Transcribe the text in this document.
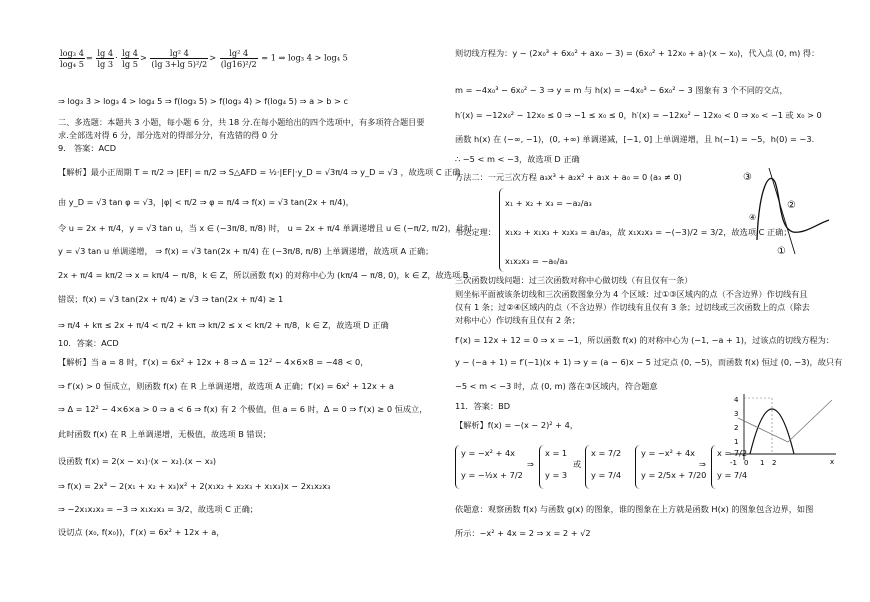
$\frac{\text{log₃ 4}}{\text{log₄ 5}} = \frac{\lg 4}{\lg 3} \cdot \frac{\lg 4}{\lg 5} > \frac{\text{lg² 4}}{\text{(lg 3+lg 5)²/2}} > \frac{\text{lg² 4}}{\text{(lg16)²/2}} = 1$ ⇒ log₃ 4 > log₄ 5
⇒ log₃ 3 > log₃ 4 > log₄ 5 ⇒ f(log₃ 5) > f(log₃ 4) > f(log₄ 5) ⇒ a > b > c
二、多选题：本题共 3 小题，每小题 6 分，共 18 分.在每小题给出的四个选项中，有多项符合题目要
求.全部选对得 6 分，部分选对的得部分分，有选错的得 0 分
9． 答案：ACD
【解析】最小正周期 T = π/2 ⇒ |EF| = π/2 ⇒ S△AFD = ½·|EF|·y_D = √3π/4 ⇒ y_D = √3 ，故选项 C 正确
由 y_D = √3 tan φ = √3，|φ| < π/2 ⇒ φ = π/4 ⇒ f(x) = √3 tan(2x + π/4)，
令 u = 2x + π/4，y = √3 tan u，当 x ∈ (−3π/8, π/8) 时， u = 2x + π/4 单调递增且 u ∈ (−π/2, π/2)，此时
y = √3 tan u 单调递增， ⇒ f(x) = √3 tan(2x + π/4) 在 (−3π/8, π/8) 上单调递增，故选项 A 正确；
2x + π/4 = kπ/2 ⇒ x = kπ/4 − π/8，k ∈ Z，所以函数 f(x) 的对称中心为 (kπ/4 − π/8, 0)，k ∈ Z，故选项 B
错误；f(x) = √3 tan(2x + π/4) ≥ √3 ⇒ tan(2x + π/4) ≥ 1
⇒ π/4 + kπ ≤ 2x + π/4 < π/2 + kπ ⇒ kπ/2 ≤ x < kπ/2 + π/8，k ∈ Z，故选项 D 正确
10．答案：ACD
【解析】当 a = 8 时，f′(x) = 6x² + 12x + 8 ⇒ Δ = 12² − 4×6×8 = −48 < 0，
⇒ f′(x) > 0 恒成立，则函数 f(x) 在 R 上单调递增，故选项 A 正确；f′(x) = 6x² + 12x + a
⇒ Δ = 12² − 4×6×a > 0 ⇒ a < 6 ⇒ f(x) 有 2 个极值，但 a = 6 时，Δ = 0 ⇒ f′(x) ≥ 0 恒成立，
此时函数 f(x) 在 R 上单调递增，无极值，故选项 B 错误；
设函数 f(x) = 2(x − x₁)·(x − x₂).(x − x₃)
⇒ f(x) = 2x³ − 2(x₁ + x₂ + x₃)x² + 2(x₁x₂ + x₂x₃ + x₁x₃)x − 2x₁x₂x₃
⇒ −2x₁x₂x₃ = −3 ⇒ x₁x₂x₃ = 3/2，故选项 C 正确；
设切点 (x₀, f(x₀))，f′(x) = 6x² + 12x + a，
则切线方程为：y − (2x₀³ + 6x₀² + ax₀ − 3) = (6x₀² + 12x₀ + a)·(x − x₀)，代入点 (0, m) 得：
m = −4x₀³ − 6x₀² − 3 ⇒ y = m 与 h(x) = −4x₀³ − 6x₀² − 3 图象有 3 个不同的交点，
h′(x) = −12x₀² − 12x₀ ≤ 0 ⇒ −1 ≤ x₀ ≤ 0，h′(x) = −12x₀² − 12x₀ < 0 ⇒ x₀ < −1 或 x₀ > 0
函数 h(x) 在 (−∞, −1)，(0, +∞) 单调递减，[−1, 0] 上单调递增，且 h(−1) = −5，h(0) = −3.
∴ −5 < m < −3，故选项 D 正确
方法二：一元三次方程 a₃x³ + a₂x² + a₁x + a₀ = 0 (a₃ ≠ 0)
韦达定理：
x₁ + x₂ + x₃ = −a₂/a₃
x₁x₂ + x₁x₃ + x₂x₃ = a₁/a₃，故 x₁x₂x₃ = −(−3)/2 = 3/2，故选项 C 正确；
x₁x₂x₃ = −a₀/a₃
三次函数切线问题：过三次函数对称中心做切线（有且仅有一条）
则坐标平面被该条切线和三次函数图象分为 4 个区域：过①③区域内的点（不含边界）作切线有且
仅有 1 条；过②④区域内的点（不含边界）作切线有且仅有 3 条；过切线或三次函数上的点（除去
对称中心）作切线有且仅有 2 条；
f′(x) = 12x + 12 = 0 ⇒ x = −1，所以函数 f(x) 的对称中心为 (−1, −a + 1)，过该点的切线方程为：
y − (−a + 1) = f′(−1)(x + 1) ⇒ y = (a − 6)x − 5 过定点 (0, −5)，而函数 f(x) 恒过 (0, −3)，故只有
−5 < m < −3 时，点 (0, m) 落在③区域内，符合题意
11．答案：BD
【解析】f(x) = −(x − 2)² + 4，
y = −x² + 4x
y = −½x + 7/2
⇒
x = 1
y = 3
或
x = 7/2
y = 7/4
y = −x² + 4x
y = 2/5x + 7/20
⇒
x = 7/2
y = 7/4
依题意：观察函数 f(x) 与函数 g(x) 的图象，谁的图象在上方就是函数 H(x) 的图象包含边界，如图
所示：−x² + 4x = 2 ⇒ x = 2 + √2
③
②
④
①
4
3
2
1
-1 0 1 2	x
